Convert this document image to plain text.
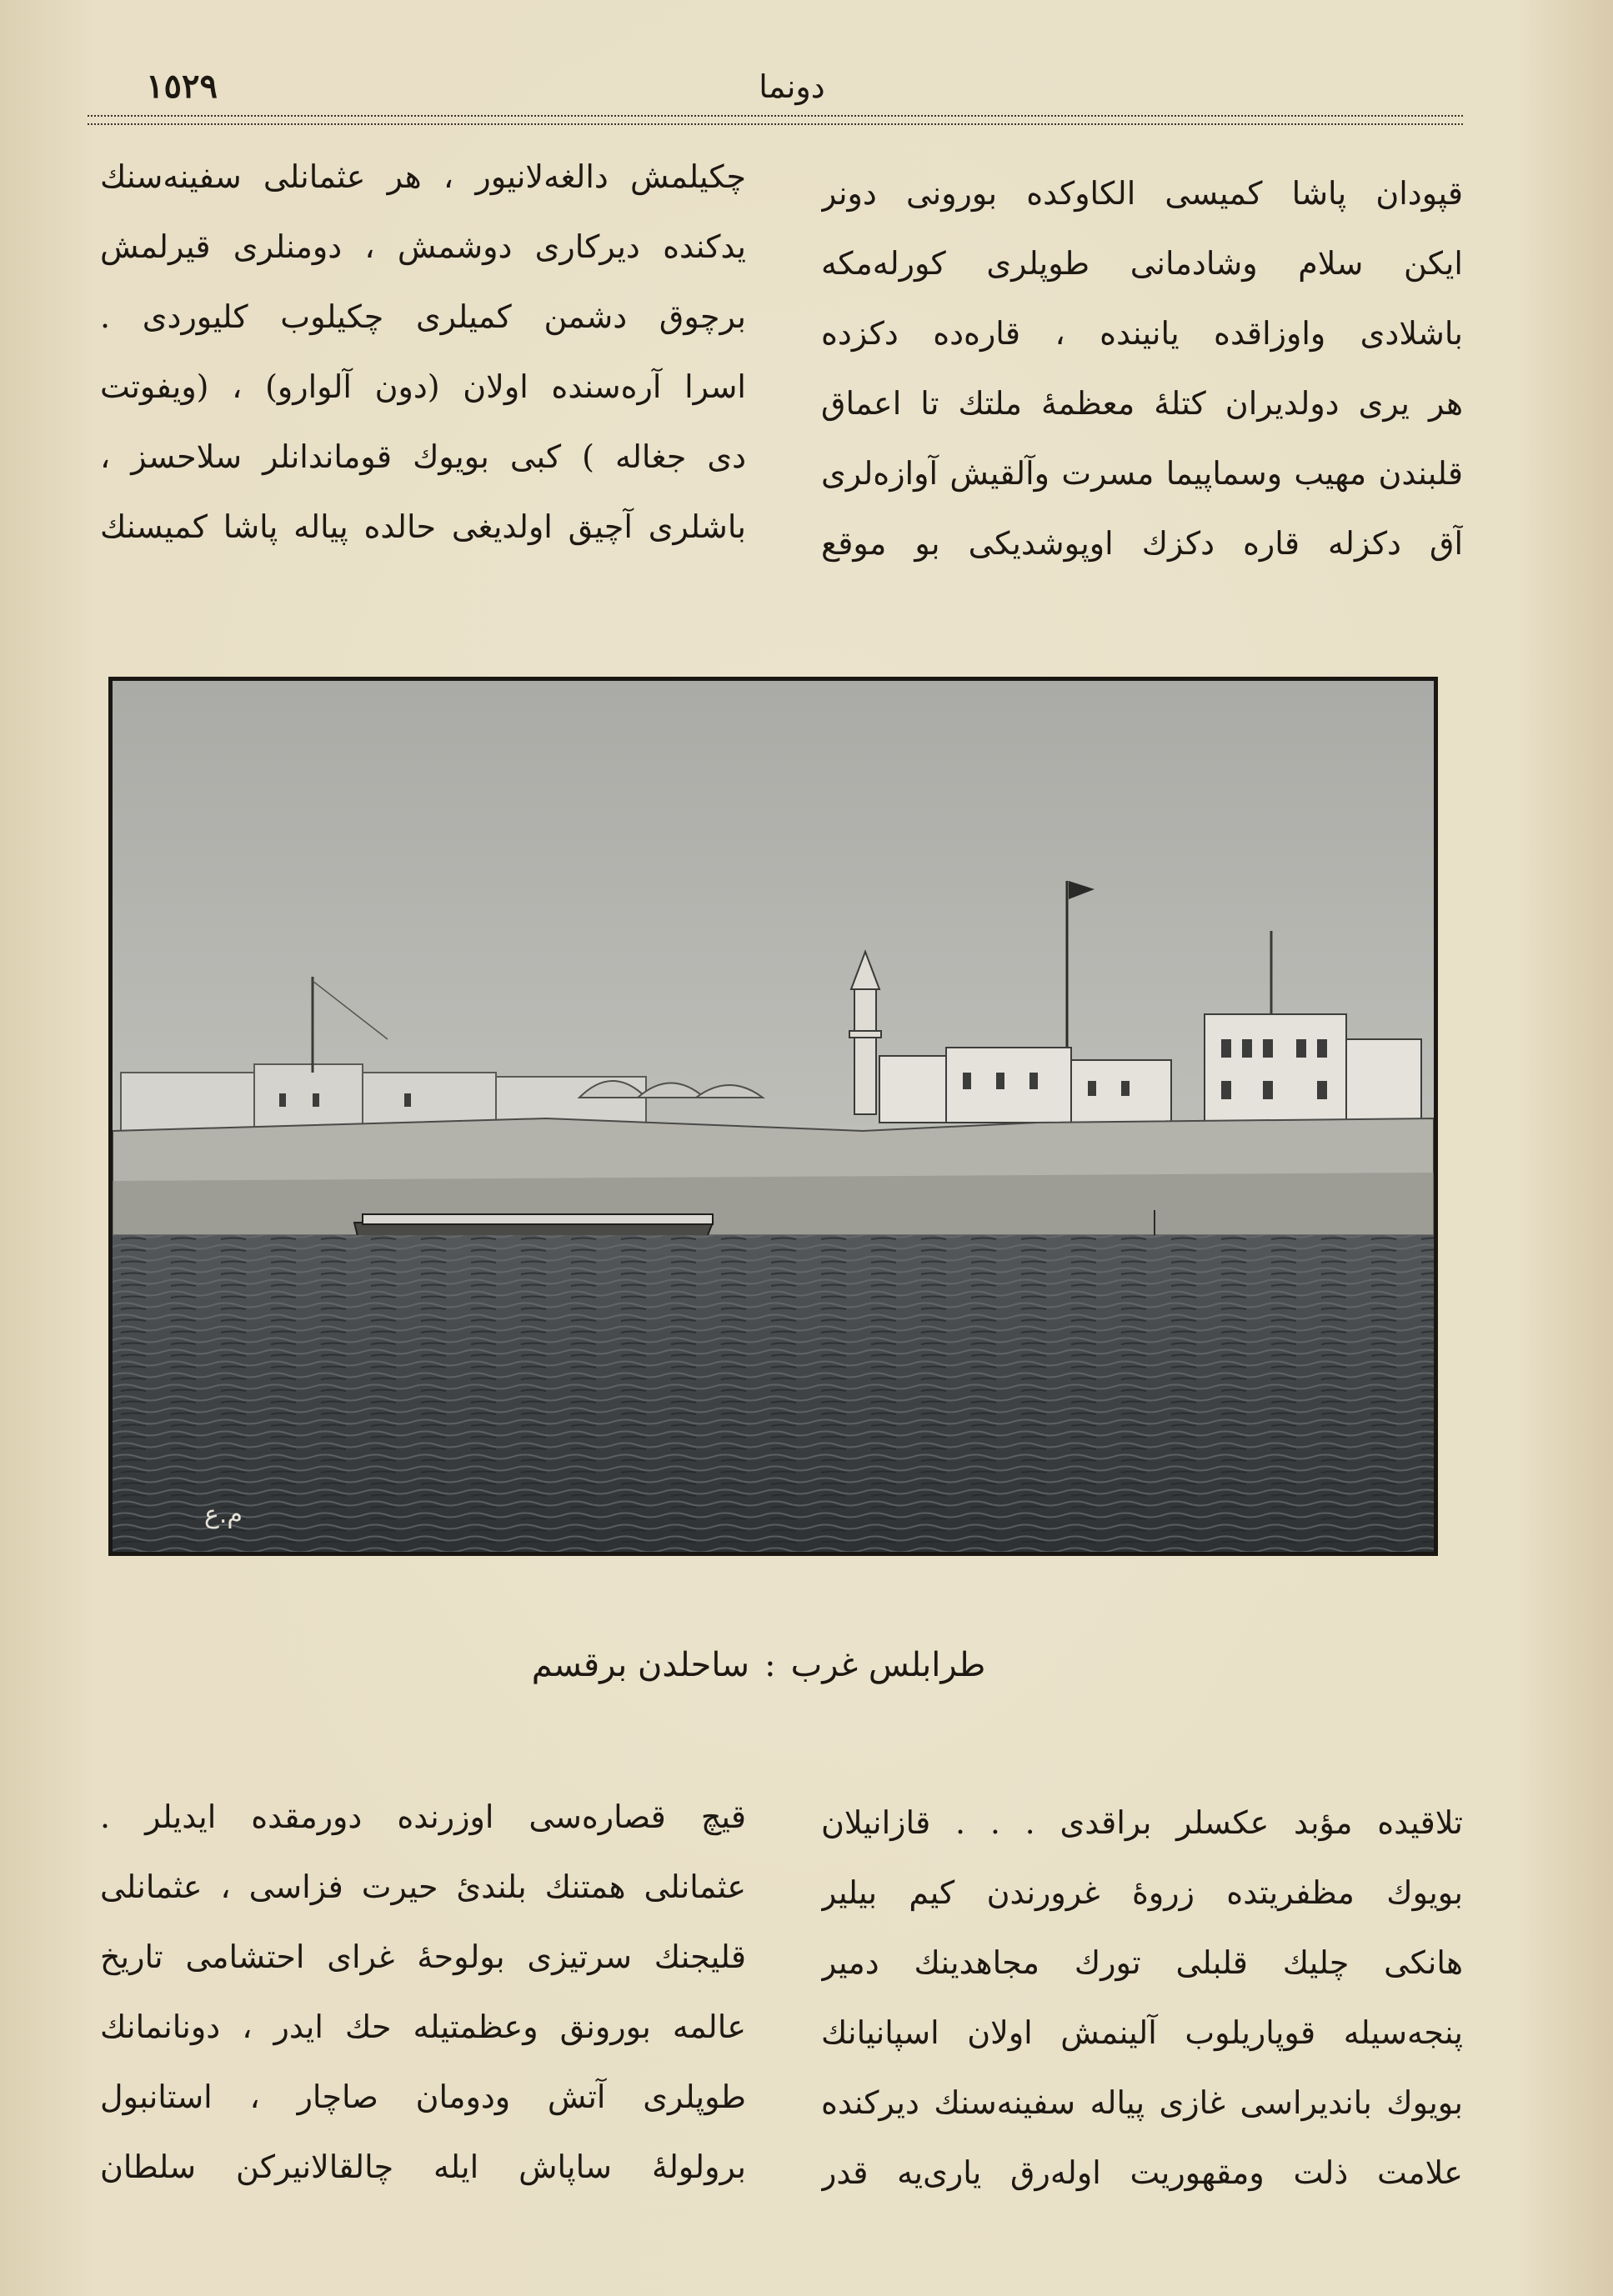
١٥٢٩	دونما
قپودان پاشا كميسى الكاوكده بورونى دونر
ايكن سلام وشادمانى طوپلرى كورله‌مكه
باشلادى واوزاقده يانينده ، قاره‌ده دكزده
هر يرى دولديران كتلهٔ معظمهٔ ملتك تا اعماق
قلبندن مهيب وسماپيما مسرت وآلقيش آوازه‌لرى
آق دكزله قاره دكزك اوپوشديكى بو موقع
چكيلمش دالغه‌لانيور ، هر عثمانلى سفينه‌سنك
يدكنده ديركارى دوشمش ، دومنلرى قيرلمش
برچوق دشمن كميلرى چكيلوب كليوردى .
اسرا آره‌سنده اولان (دون آلوارو) ، (ويفوتت
دى جغاله ) كبى بويوك قوماندانلر سلاحسز ،
باشلرى آچيق اولديغى حالده پياله پاشا كميسنك
م.ع
طرابلس غرب:ساحلدن برقسم
تلاقيده مؤبد عكسلر براقدى . . . قازانيلان
بويوك مظفريتده زروهٔ غرورندن كيم بيلير
هانكى چليك قلبلى تورك مجاهدينك دمير
پنجه‌سيله قوپاريلوب آلينمش اولان اسپانيانك
بويوك باندیراسى غازى پياله سفينه‌سنك ديركنده
علامت ذلت ومقهوريت اوله‌رق يارى‌يه قدر
قيچ قصاره‌سى اوزرنده دورمقده ايديلر .
عثمانلى همتنك بلندئ حيرت فزاسى ، عثمانلى
قليجنك سرتيزى بولوحهٔ غراى احتشامى تاريخ
عالمه بورونق وعظمتيله حك ايدر ، دونانمانك
طوپلرى آتش ودومان صاچار ، استانبول
برولولهٔ ساپاش ايله چالقالانيركن سلطان
